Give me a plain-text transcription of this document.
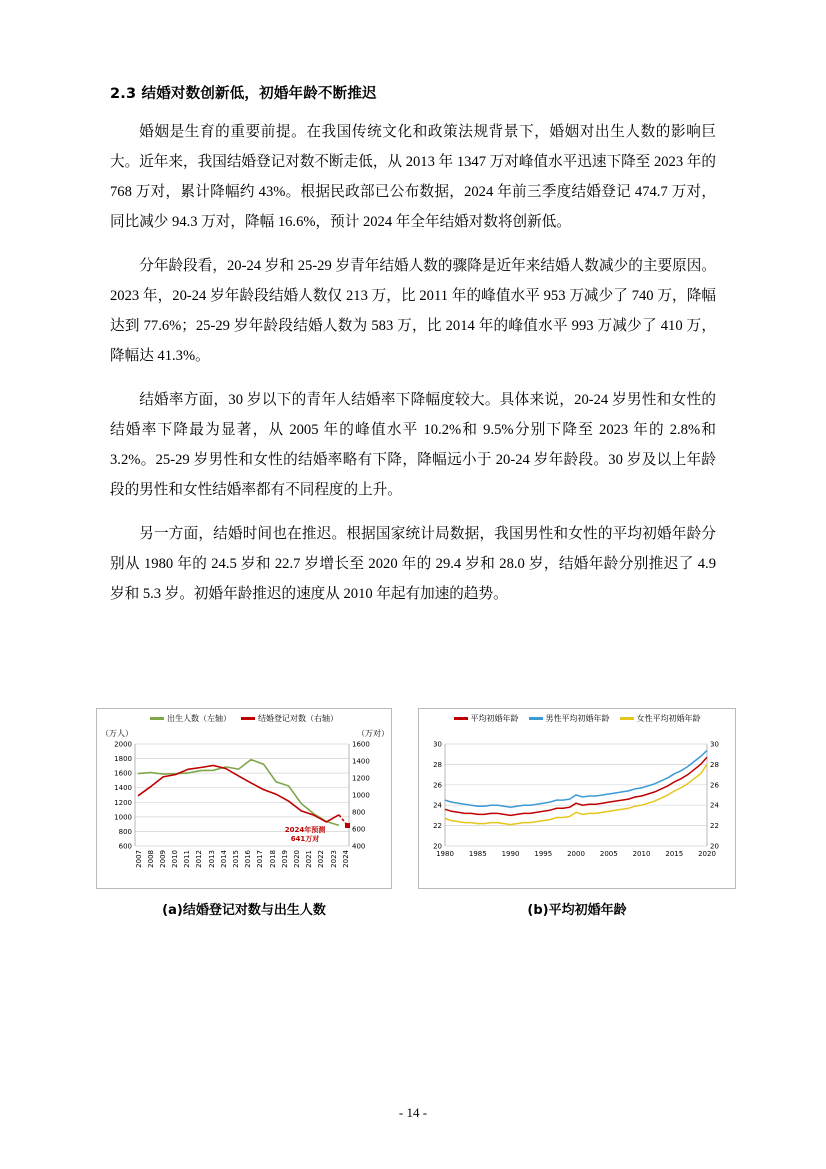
2.3 结婚对数创新低，初婚年龄不断推迟

婚姻是生育的重要前提。在我国传统文化和政策法规背景下，婚姻对出生人数的影响巨大。近年来，我国结婚登记对数不断走低，从 2013 年 1347 万对峰值水平迅速下降至 2023 年的 768 万对，累计降幅约 43%。根据民政部已公布数据，2024 年前三季度结婚登记 474.7 万对，同比减少 94.3 万对，降幅 16.6%，预计 2024 年全年结婚对数将创新低。

分年龄段看，20-24 岁和 25-29 岁青年结婚人数的骤降是近年来结婚人数减少的主要原因。2023 年，20-24 岁年龄段结婚人数仅 213 万，比 2011 年的峰值水平 953 万减少了 740 万，降幅达到 77.6%；25-29 岁年龄段结婚人数为 583 万，比 2014 年的峰值水平 993 万减少了 410 万，降幅达 41.3%。

结婚率方面，30 岁以下的青年人结婚率下降幅度较大。具体来说，20-24 岁男性和女性的结婚率下降最为显著，从 2005 年的峰值水平 10.2%和 9.5%分别下降至 2023 年的 2.8%和 3.2%。25-29 岁男性和女性的结婚率略有下降，降幅远小于 20-24 岁年龄段。30 岁及以上年龄段的男性和女性结婚率都有不同程度的上升。

另一方面，结婚时间也在推迟。根据国家统计局数据，我国男性和女性的平均初婚年龄分别从 1980 年的 24.5 岁和 22.7 岁增长至 2020 年的 29.4 岁和 28.0 岁，结婚年龄分别推迟了 4.9 岁和 5.3 岁。初婚年龄推迟的速度从 2010 年起有加速的趋势。

出生人数（左轴）	结婚登记对数（右轴）
（万人）	（万对）
2000
1800
1600
1400
1200
1000
800
600
1600
1400
1200
1000
800
600
400
2007 2008 2009 2010 2011 2012 2013 2014 2015 2016 2017 2018 2019 2020 2021 2022 2023 2024
2024年预测
641万对
(a)结婚登记对数与出生人数
平均初婚年龄	男性平均初婚年龄	女性平均初婚年龄
30
28
26
24
22
20
30
28
26
24
22
20
1980 1985 1990 1995 2000 2005 2010 2015 2020
(b)平均初婚年龄
- 14 -
